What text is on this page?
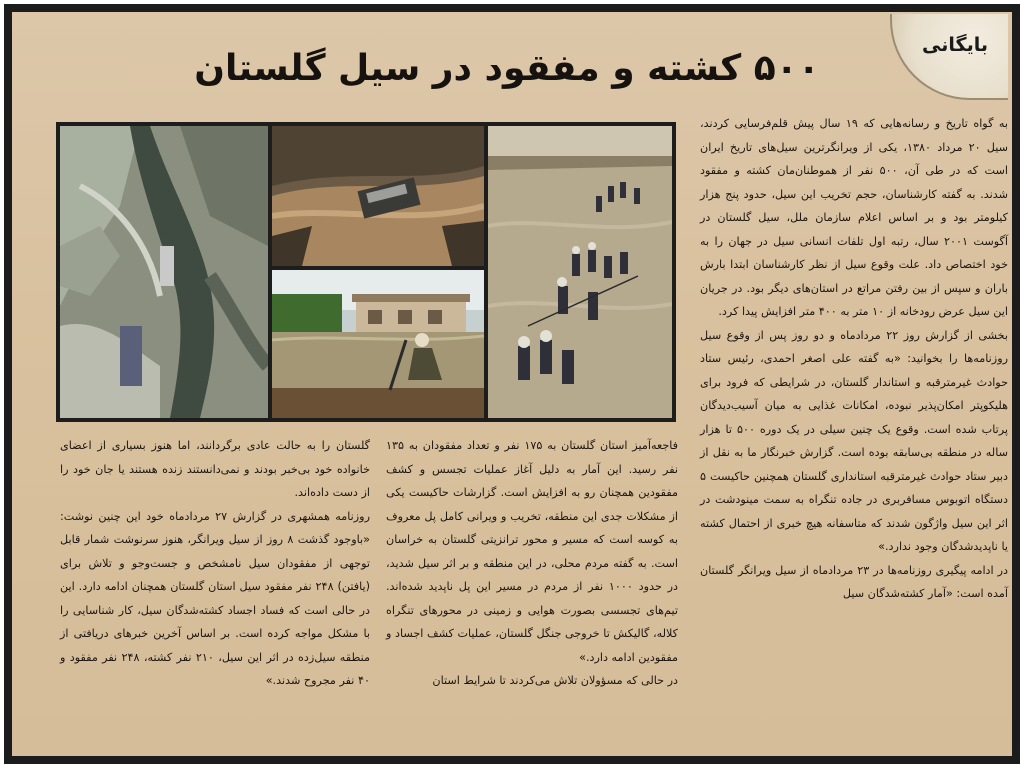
بایگانی
۵۰۰ کشته و مفقود در سیل گلستان

به گواه تاریخ و رسانه‌هایی که ۱۹ سال پیش قلم‌فرسایی کردند، سیل ۲۰ مرداد ۱۳۸۰، یکی از ویرانگرترین سیل‌های تاریخ ایران است که در طی آن، ۵۰۰ نفر از هموطنان‌مان کشته و مفقود شدند. به گفته کارشناسان، حجم تخریب این سیل، حدود پنج هزار کیلومتر بود و بر اساس اعلام سازمان ملل، سیل گلستان در آگوست ۲۰۰۱ سال، رتبه اول تلفات انسانی سیل در جهان را به خود اختصاص داد. علت وقوع سیل از نظر کارشناسان ابتدا بارش باران و سپس از بین رفتن مراتع در استان‌های دیگر بود. در جریان این سیل عرض رودخانه از ۱۰ متر به ۴۰۰ متر افزایش پیدا کرد.

بخشی از گزارش روز ۲۲ مردادماه و دو روز پس از وقوع سیل روزنامه‌ها را بخوانید: «به گفته علی اصغر احمدی، رئیس ستاد حوادث غیرمترقبه و استاندار گلستان، در شرایطی که فرود برای هلیکوپتر امکان‌پذیر نبوده، امکانات غذایی به میان آسیب‌دیدگان پرتاب شده است. وقوع یک چنین سیلی در یک دوره ۵۰۰ تا هزار ساله در منطقه بی‌سابقه بوده است. گزارش خبرنگار ما به نقل از دبیر ستاد حوادث غیرمترقبه استانداری گلستان همچنین حاکیست ۵ دستگاه اتوبوس مسافربری در جاده تنگراه به سمت مینودشت در اثر این سیل واژگون شدند که متاسفانه هیچ خبری از احتمال کشته یا ناپدیدشدگان وجود ندارد.»

در ادامه پیگیری روزنامه‌ها در ۲۳ مردادماه از سیل ویرانگر گلستان آمده است: «آمار کشته‌شدگان سیل

فاجعه‌آمیز استان گلستان به ۱۷۵ نفر و تعداد مفقودان به ۱۳۵ نفر رسید. این آمار به دلیل آغاز عملیات تجسس و کشف مفقودین همچنان رو به افزایش است. گزارشات حاکیست یکی از مشکلات جدی این منطقه، تخریب و ویرانی کامل پل معروف به کوسه است که مسیر و محور ترانزیتی گلستان به خراسان است. به گفته مردم محلی، در این منطقه و بر اثر سیل شدید، در حدود ۱۰۰۰ نفر از مردم در مسیر این پل ناپدید شده‌اند. تیم‌های تجسسی بصورت هوایی و زمینی در محورهای تنگراه کلاله، گالیکش تا خروجی جنگل گلستان، عملیات کشف اجساد و مفقودین ادامه دارد.»

در حالی که مسؤولان تلاش می‌کردند تا شرایط استان

گلستان را به حالت عادی برگردانند، اما هنوز بسیاری از اعضای خانواده خود بی‌خبر بودند و نمی‌دانستند زنده هستند یا جان خود را از دست داده‌اند.

روزنامه همشهری در گزارش ۲۷ مردادماه خود این چنین نوشت: «باوجود گذشت ۸ روز از سیل ویرانگر، هنوز سرنوشت شمار قابل توجهی از مفقودان سیل نامشخص و جست‌وجو و تلاش برای (یافتن) ۲۴۸ نفر مفقود سیل استان گلستان همچنان ادامه دارد. این در حالی است که فساد اجساد کشته‌شدگان سیل، کار شناسایی را با مشکل مواجه کرده است. بر اساس آخرین خبرهای دریافتی از منطقه سیل‌زده در اثر این سیل، ۲۱۰ نفر کشته، ۲۴۸ نفر مفقود و ۴۰ نفر مجروح شدند.»
